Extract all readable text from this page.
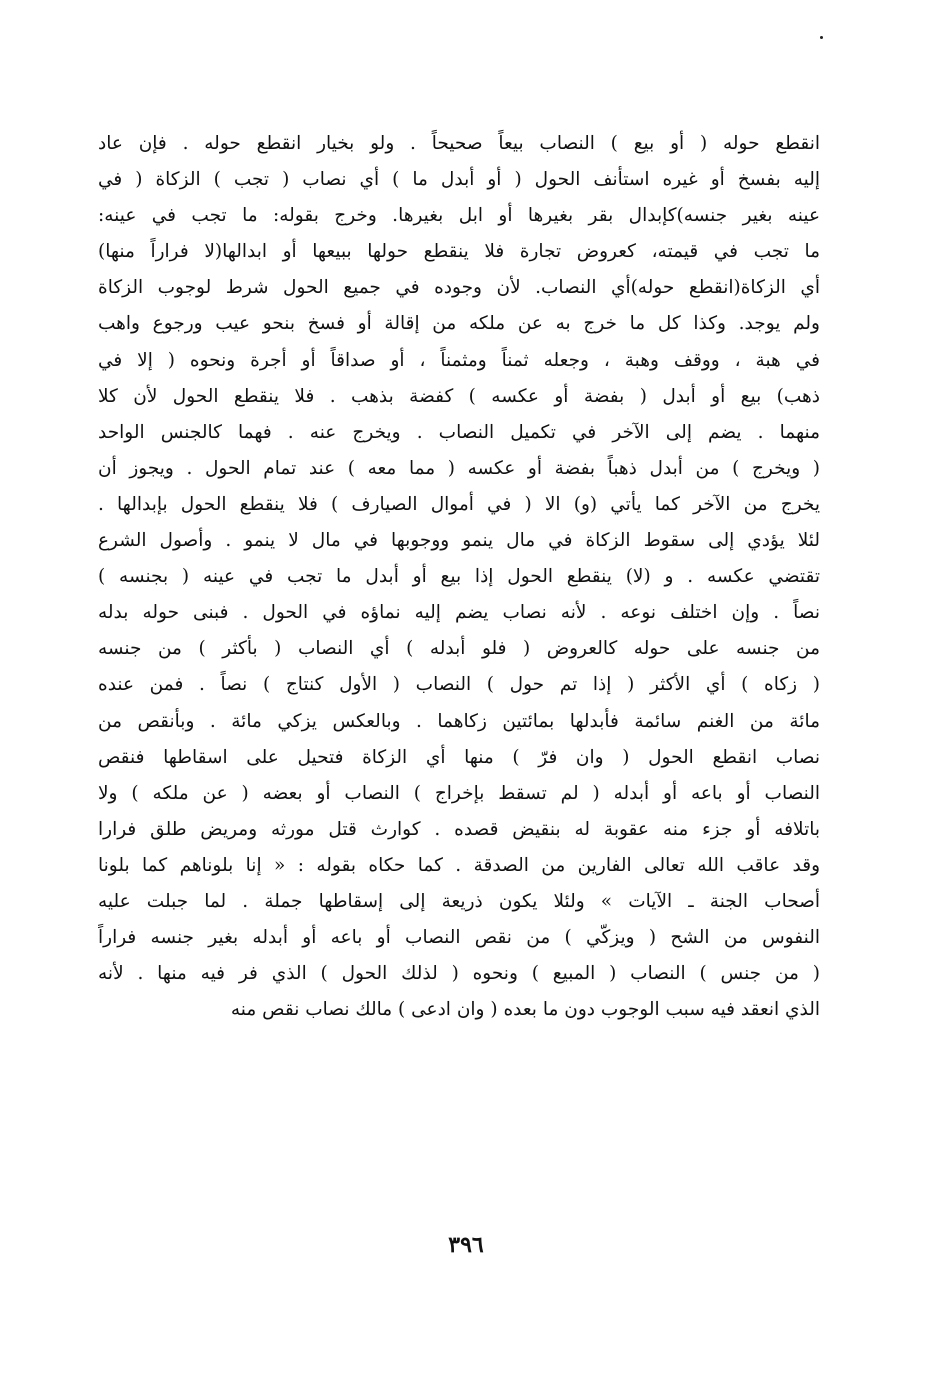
انقطع حوله ( أو بيع ) النصاب بيعاً صحيحاً . ولو بخيار انقطع حوله . فإن عاد
إليه بفسخ أو غيره استأنف الحول ( أو أبدل ما ) أي نصاب ( تجب ) الزكاة ( في
عينه بغير جنسه)كإبدال بقر بغيرها أو ابل بغيرها. وخرج بقوله: ما تجب في عينه:
ما تجب في قيمته، كعروض تجارة فلا ينقطع حولها ببيعها أو ابدالها(لا فراراً منها)
أي الزكاة(انقطع حوله)أي النصاب. لأن وجوده في جميع الحول شرط لوجوب الزكاة
ولم يوجد. وكذا كل ما خرج به عن ملكه من إقالة أو فسخ بنحو عيب ورجوع واهب
في هبة ، ووقف وهبة ، وجعله ثمناً ومثمناً ، أو صداقاً أو أجرة ونحوه ( إلا في
ذهب) بيع أو أبدل ( بفضة أو عكسه ) كفضة بذهب . فلا ينقطع الحول لأن كلا
منهما . يضم إلى الآخر في تكميل النصاب . ويخرج عنه . فهما كالجنس الواحد
( ويخرج ) من أبدل ذهباً بفضة أو عكسه ( مما معه ) عند تمام الحول . ويجوز أن
يخرج من الآخر كما يأتي (و) الا ( في أموال الصيارف ) فلا ينقطع الحول بإبدالها .
لئلا يؤدي إلى سقوط الزكاة في مال ينمو ووجوبها في مال لا ينمو . وأصول الشرع
تقتضي عكسه . و (لا) ينقطع الحول إذا بيع أو أبدل ما تجب في عينه ( بجنسه )
نصاً . وإن اختلف نوعه . لأنه نصاب يضم إليه نماؤه في الحول . فبنى حوله بدله
من جنسه على حوله كالعروض ( فلو أبدله ) أي النصاب ( بأكثر ) من جنسه
( زكاه ) أي الأكثر ( إذا تم حول ) النصاب ( الأول كنتاج ) نصاً . فمن عنده
مائة من الغنم سائمة فأبدلها بمائتين زكاهما . وبالعكس يزكي مائة . وبأنقص من
نصاب انقطع الحول ( وان فرّ ) منها أي الزكاة فتحيل على اسقاطها فنقص
النصاب أو باعه أو أبدله ( لم تسقط بإخراج ) النصاب أو بعضه ( عن ملكه ) ولا
باتلافه أو جزء منه عقوبة له بنقيض قصده . كوارث قتل مورثه ومريض طلق فرارا
وقد عاقب الله تعالى الفارين من الصدقة . كما حكاه بقوله : « إنا بلوناهم كما بلونا
أصحاب الجنة ـ الآيات » ولئلا يكون ذريعة إلى إسقاطها جملة . لما جبلت عليه
النفوس من الشح ( ويزكّي ) من نقص النصاب أو باعه أو أبدله بغير جنسه فراراً
( من جنس ) النصاب ( المبيع ) ونحوه ( لذلك الحول ) الذي فر فيه منها . لأنه
الذي انعقد فيه سبب الوجوب دون ما بعده ( وان ادعى ) مالك نصاب نقص منه
٣٩٦
